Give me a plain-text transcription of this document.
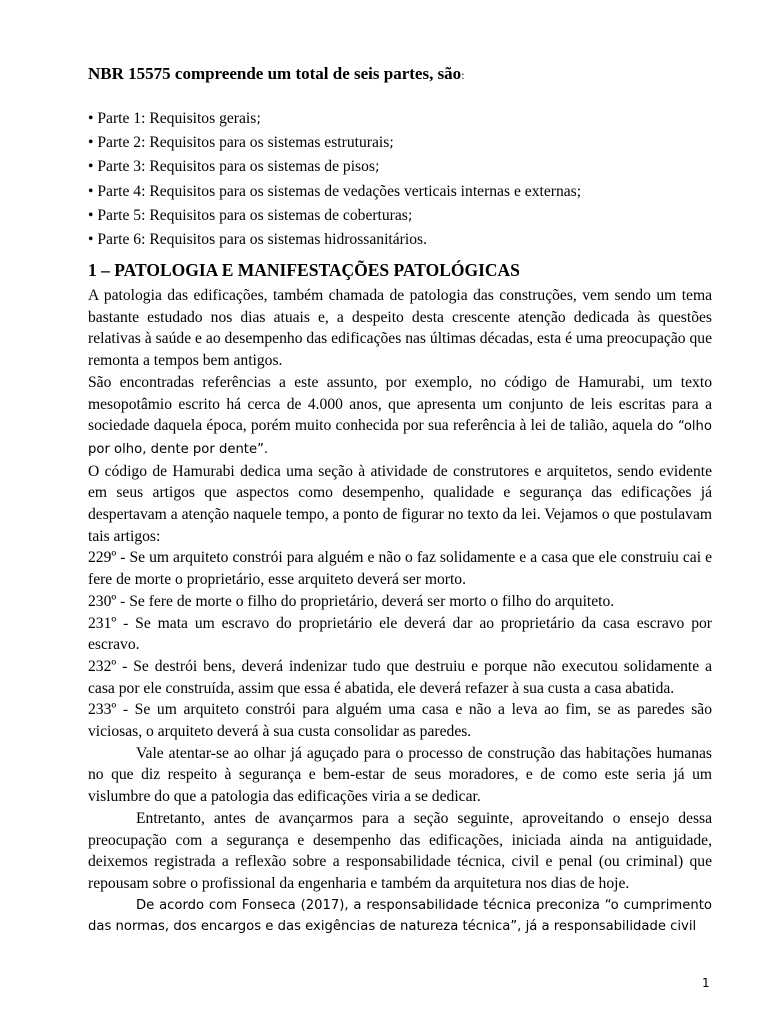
NBR 15575 compreende um total de seis partes, são:
• Parte 1: Requisitos gerais;
• Parte 2: Requisitos para os sistemas estruturais;
• Parte 3: Requisitos para os sistemas de pisos;
• Parte 4: Requisitos para os sistemas de vedações verticais internas e externas;
• Parte 5: Requisitos para os sistemas de coberturas;
• Parte 6: Requisitos para os sistemas hidrossanitários.
1 – PATOLOGIA E MANIFESTAÇÕES PATOLÓGICAS

A patologia das edificações, também chamada de patologia das construções, vem sendo um tema bastante estudado nos dias atuais e, a despeito desta crescente atenção dedicada às questões relativas à saúde e ao desempenho das edificações nas últimas décadas, esta é uma preocupação que remonta a tempos bem antigos.

São encontradas referências a este assunto, por exemplo, no código de Hamurabi, um texto mesopotâmio escrito há cerca de 4.000 anos, que apresenta um conjunto de leis escritas para a sociedade daquela época, porém muito conhecida por sua referência à lei de talião, aquela do “olho por olho, dente por dente”.

O código de Hamurabi dedica uma seção à atividade de construtores e arquitetos, sendo evidente em seus artigos que aspectos como desempenho, qualidade e segurança das edificações já despertavam a atenção naquele tempo, a ponto de figurar no texto da lei. Vejamos o que postulavam tais artigos:

229º - Se um arquiteto constrói para alguém e não o faz solidamente e a casa que ele construiu cai e fere de morte o proprietário, esse arquiteto deverá ser morto.

230º - Se fere de morte o filho do proprietário, deverá ser morto o filho do arquiteto.

231º - Se mata um escravo do proprietário ele deverá dar ao proprietário da casa escravo por escravo.

232º - Se destrói bens, deverá indenizar tudo que destruiu e porque não executou solidamente a casa por ele construída, assim que essa é abatida, ele deverá refazer à sua custa a casa abatida.

233º - Se um arquiteto constrói para alguém uma casa e não a leva ao fim, se as paredes são viciosas, o arquiteto deverá à sua custa consolidar as paredes.

Vale atentar-se ao olhar já aguçado para o processo de construção das habitações humanas no que diz respeito à segurança e bem-estar de seus moradores, e de como este seria já um vislumbre do que a patologia das edificações viria a se dedicar.

Entretanto, antes de avançarmos para a seção seguinte, aproveitando o ensejo dessa preocupação com a segurança e desempenho das edificações, iniciada ainda na antiguidade, deixemos registrada a reflexão sobre a responsabilidade técnica, civil e penal (ou criminal) que repousam sobre o profissional da engenharia e também da arquitetura nos dias de hoje.

De acordo com Fonseca (2017), a responsabilidade técnica preconiza “o cumprimento das normas, dos encargos e das exigências de natureza técnica”, já a responsabilidade civil

1
